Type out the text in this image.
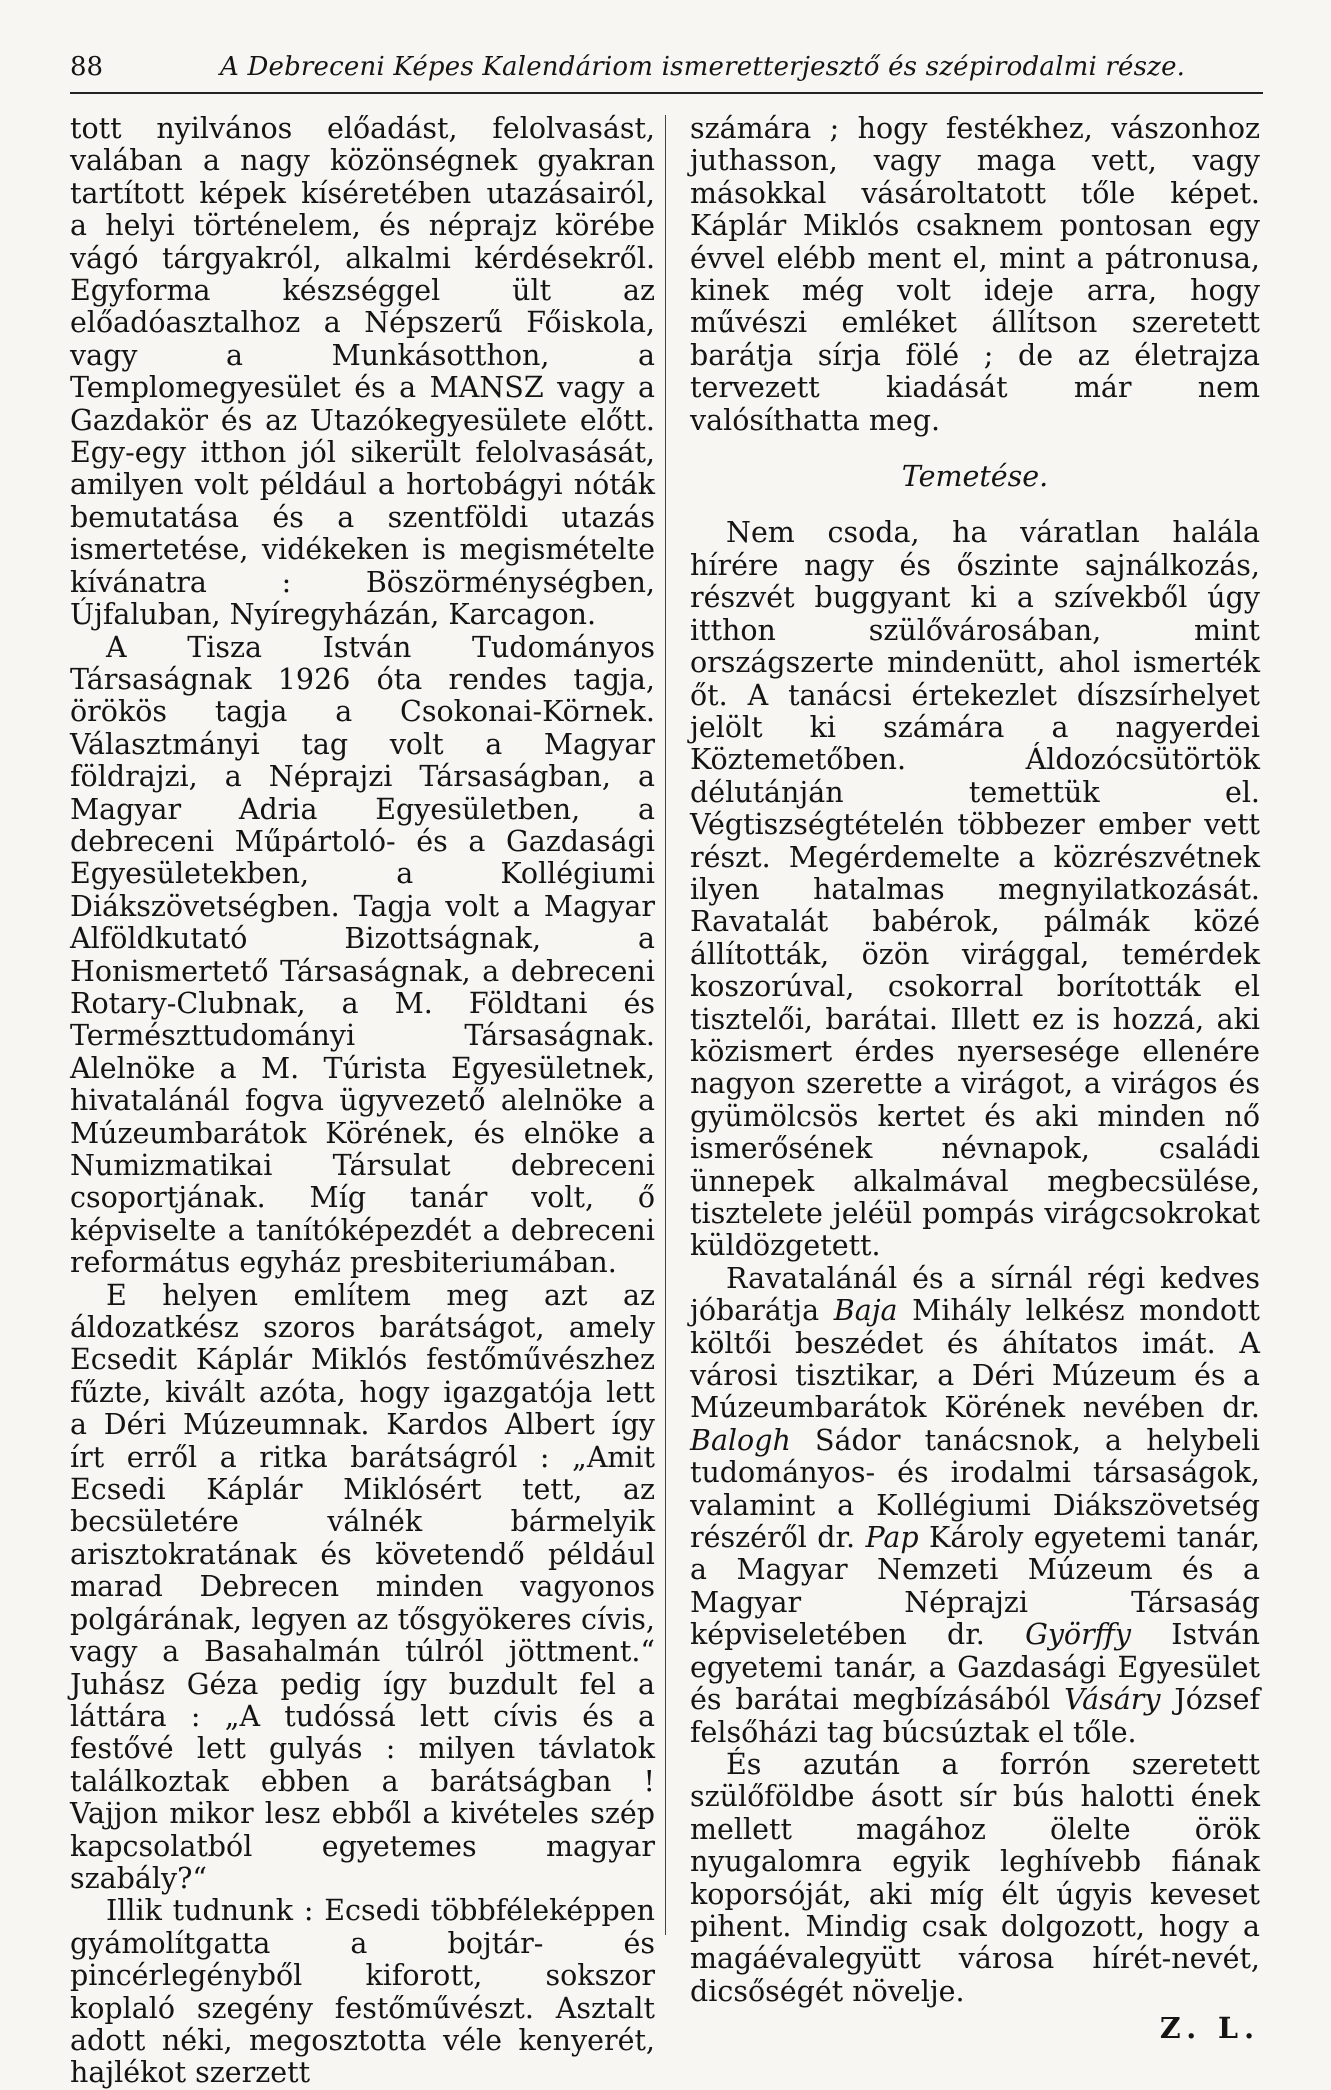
88	A Debreceni Képes Kalendáriom ismeretterjesztő és szépirodalmi része.

tott nyilvános előadást, felolvasást, valában a nagy közönségnek gyakran tartított képek kíséretében utazásairól, a helyi történelem, és néprajz körébe vágó tárgyakról, alkalmi kérdésekről. Egyforma készséggel ült az előadóasztalhoz a Népszerű Főiskola, vagy a Munkásotthon, a Templomegyesület és a MANSZ vagy a Gazdakör és az Utazókegyesülete előtt. Egy-egy itthon jól sikerült felolvasását, amilyen volt például a hortobágyi nóták bemutatása és a szentföldi utazás ismertetése, vidékeken is megismételte kívánatra : Böszörménységben, Újfaluban, Nyíregyházán, Karcagon.

A Tisza István Tudományos Társaságnak 1926 óta rendes tagja, örökös tagja a Csokonai-Körnek. Választmányi tag volt a Magyar földrajzi, a Néprajzi Társaságban, a Magyar Adria Egyesületben, a debreceni Műpártoló- és a Gazdasági Egyesületekben, a Kollégiumi Diákszövetségben. Tagja volt a Magyar Alföldkutató Bizottságnak, a Honismertető Társaságnak, a debreceni Rotary-Clubnak, a M. Földtani és Természttudományi Társaságnak. Alelnöke a M. Túrista Egyesületnek, hivatalánál fogva ügyvezető alelnöke a Múzeumbarátok Körének, és elnöke a Numizmatikai Társulat debreceni csoportjának. Míg tanár volt, ő képviselte a tanítóképezdét a debreceni református egyház presbiteriumában.

E helyen említem meg azt az áldozatkész szoros barátságot, amely Ecsedit Káplár Miklós festőművészhez fűzte, kivált azóta, hogy igazgatója lett a Déri Múzeumnak. Kardos Albert így írt erről a ritka barátságról : „Amit Ecsedi Káplár Miklósért tett, az becsületére válnék bármelyik arisztokratának és követendő például marad Debrecen minden vagyonos polgárának, legyen az tősgyökeres cívis, vagy a Basahalmán túlról jöttment.“ Juhász Géza pedig így buzdult fel a láttára : „A tudóssá lett cívis és a festővé lett gulyás : milyen távlatok találkoztak ebben a barátságban ! Vajjon mikor lesz ebből a kivételes szép kapcsolatból egyetemes magyar szabály?“

Illik tudnunk : Ecsedi többféleképpen gyámolítgatta a bojtár- és pincérlegényből kiforott, sokszor koplaló szegény festőművészt. Asztalt adott néki, megosztotta véle kenyerét, hajlékot szerzett

számára ; hogy festékhez, vászonhoz juthasson, vagy maga vett, vagy másokkal vásároltatott tőle képet. Káplár Miklós csaknem pontosan egy évvel elébb ment el, mint a pátronusa, kinek még volt ideje arra, hogy művészi emléket állítson szeretett barátja sírja fölé ; de az életrajza tervezett kiadását már nem valósíthatta meg.

Temetése.

Nem csoda, ha váratlan halála hírére nagy és őszinte sajnálkozás, részvét buggyant ki a szívekből úgy itthon szülővárosában, mint országszerte mindenütt, ahol ismerték őt. A tanácsi értekezlet díszsírhelyet jelölt ki számára a nagyerdei Köztemetőben. Áldozócsütörtök délutánján temettük el. Végtiszségtételén többezer ember vett részt. Megérdemelte a közrészvétnek ilyen hatalmas megnyilatkozását. Ravatalát babérok, pálmák közé állították, özön virággal, temérdek koszorúval, csokorral borították el tisztelői, barátai. Illett ez is hozzá, aki közismert érdes nyersesége ellenére nagyon szerette a virágot, a virágos és gyümölcsös kertet és aki minden nő ismerősének névnapok, családi ünnepek alkalmával megbecsülése, tisztelete jeléül pompás virágcsokrokat küldözgetett.

Ravatalánál és a sírnál régi kedves jóbarátja Baja Mihály lelkész mondott költői beszédet és áhítatos imát. A városi tisztikar, a Déri Múzeum és a Múzeumbarátok Körének nevében dr. Balogh Sádor tanácsnok, a helybeli tudományos- és irodalmi társaságok, valamint a Kollégiumi Diákszövetség részéről dr. Pap Károly egyetemi tanár, a Magyar Nemzeti Múzeum és a Magyar Néprajzi Társaság képviseletében dr. Györffy István egyetemi tanár, a Gazdasági Egyesület és barátai megbízásából Vásáry József felsőházi tag búcsúztak el tőle.

És azután a forrón szeretett szülőföldbe ásott sír bús halotti ének mellett magához ölelte örök nyugalomra egyik leghívebb fiának koporsóját, aki míg élt úgyis keveset pihent. Mindig csak dolgozott, hogy a magáévalegyütt városa hírét-nevét, dicsőségét növelje.

Z. L.
